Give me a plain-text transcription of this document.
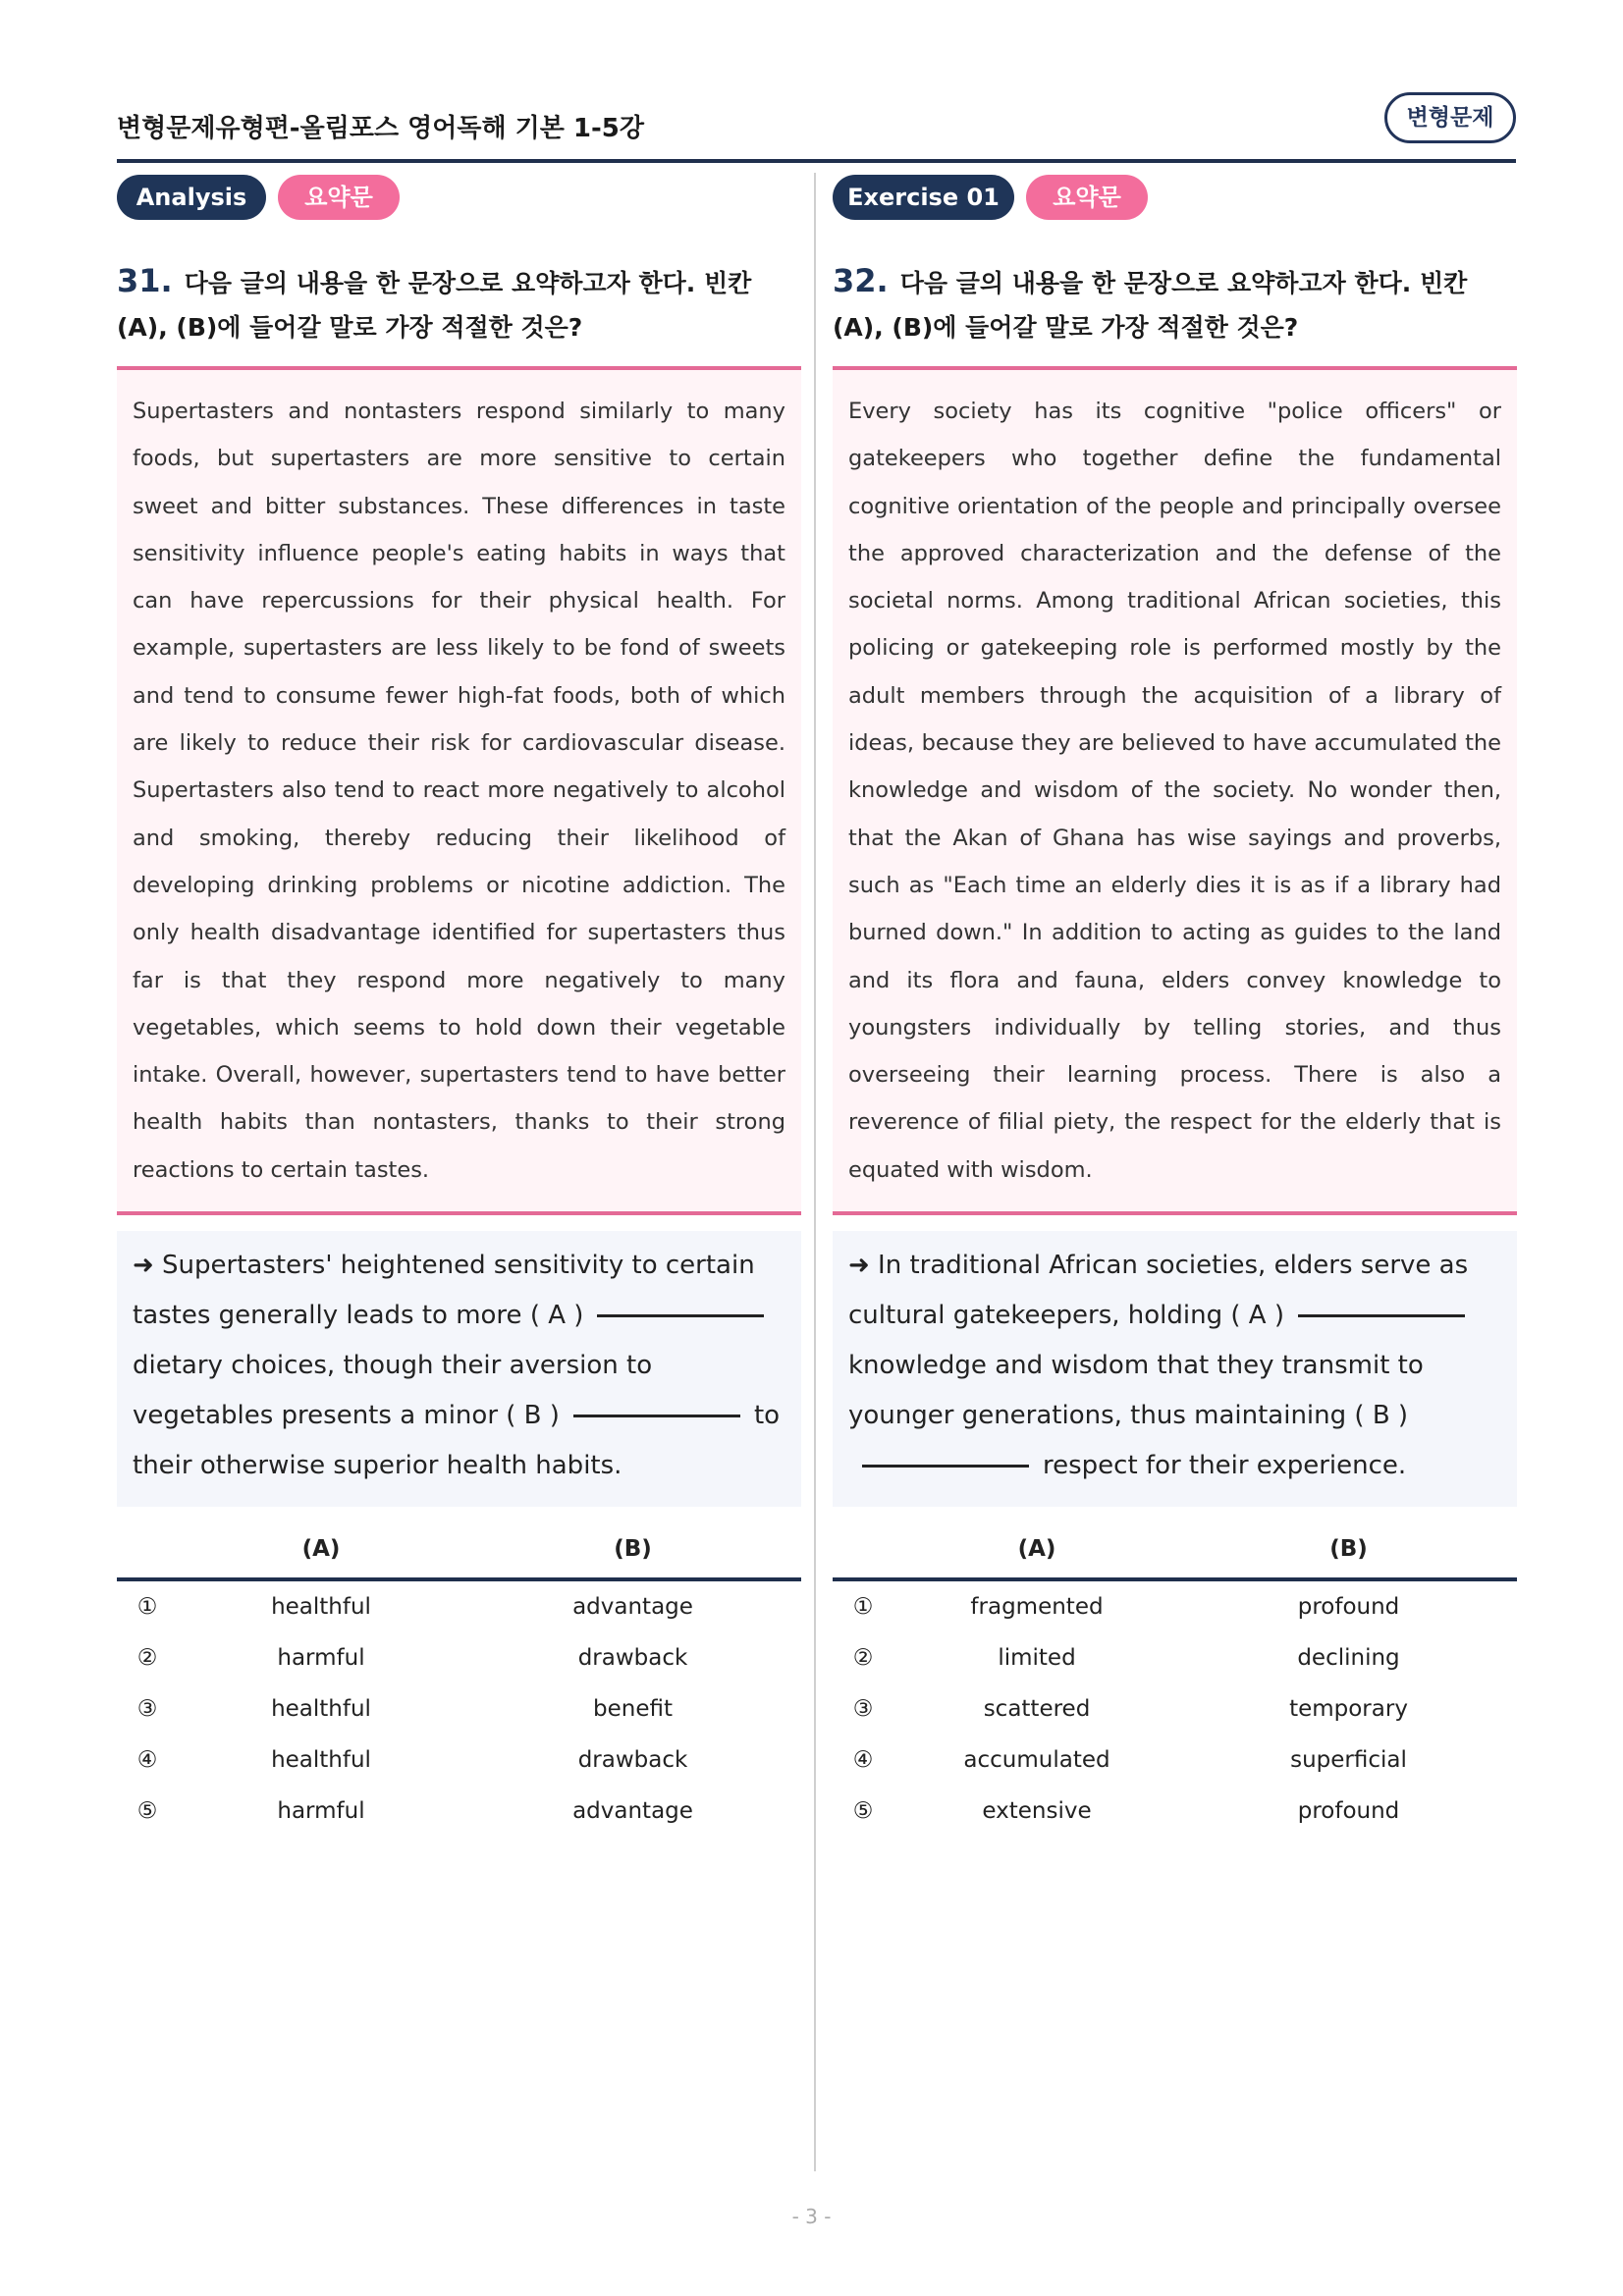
변형문제유형편-올림포스 영어독해 기본 1-5강	변형문제
Analysis	요약문
31. 다음 글의 내용을 한 문장으로 요약하고자 한다. 빈칸 (A), (B)에 들어갈 말로 가장 적절한 것은?
Supertasters and nontasters respond similarly to many foods, but supertasters are more sensitive to certain sweet and bitter substances. These differences in taste sensitivity influence people's eating habits in ways that can have repercussions for their physical health. For example, supertasters are less likely to be fond of sweets and tend to consume fewer high-fat foods, both of which are likely to reduce their risk for cardiovascular disease. Supertasters also tend to react more negatively to alcohol and smoking, thereby reducing their likelihood of developing drinking problems or nicotine addiction. The only health disadvantage identified for supertasters thus far is that they respond more negatively to many vegetables, which seems to hold down their vegetable intake. Overall, however, supertasters tend to have better health habits than nontasters, thanks to their strong reactions to certain tastes.
➜ Supertasters' heightened sensitivity to certain tastes generally leads to more ( A )dietary choices, though their aversion to vegetables presents a minor ( B )	to their otherwise superior health habits.
	(A)	(B)
①	healthful	advantage
②	harmful	drawback
③	healthful	benefit
④	healthful	drawback
⑤	harmful	advantage
Exercise 01	요약문
32. 다음 글의 내용을 한 문장으로 요약하고자 한다. 빈칸 (A), (B)에 들어갈 말로 가장 적절한 것은?
Every society has its cognitive "police officers" or gatekeepers who together define the fundamental cognitive orientation of the people and principally oversee the approved characterization and the defense of the societal norms. Among traditional African societies, this policing or gatekeeping role is performed mostly by the adult members through the acquisition of a library of ideas, because they are believed to have accumulated the knowledge and wisdom of the society. No wonder then, that the Akan of Ghana has wise sayings and proverbs, such as "Each time an elderly dies it is as if a library had burned down." In addition to acting as guides to the land and its flora and fauna, elders convey knowledge to youngsters individually by telling stories, and thus overseeing their learning process. There is also a reverence of filial piety, the respect for the elderly that is equated with wisdom.
➜ In traditional African societies, elders serve as cultural gatekeepers, holding ( A )knowledge and wisdom that they transmit to younger generations, thus maintaining ( B )respect for their experience.
	(A)	(B)
①	fragmented	profound
②	limited	declining
③	scattered	temporary
④	accumulated	superficial
⑤	extensive	profound
- 3 -
